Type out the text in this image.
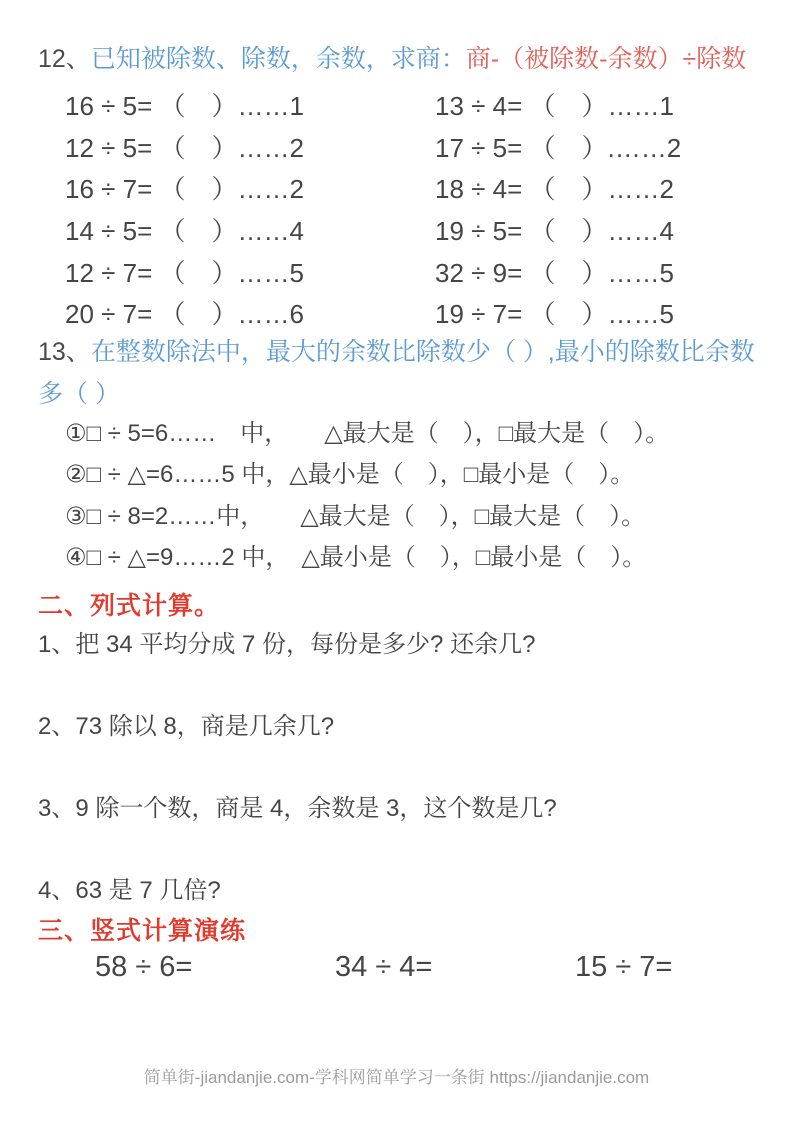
12、已知被除数、除数，余数，求商：商-（被除数-余数）÷除数
16 ÷ 5= （　）……1	13 ÷ 4= （　）……1
12 ÷ 5= （　）……2	17 ÷ 5= （　）.……2
16 ÷ 7= （　）……2	18 ÷ 4= （　）……2
14 ÷ 5= （　）……4	19 ÷ 5= （　）……4
12 ÷ 7= （　）……5	32 ÷ 9= （　）……5
20 ÷ 7= （　）……6	19 ÷ 7= （　）……5
13、在整数除法中，最大的余数比除数少（ ）,最小的除数比余数
多（ ）
①□ ÷ 5=6……　中，　　△最大是（　），□最大是（　）。
②□ ÷ △=6……5 中，△最小是（　），□最小是（　）。
③□ ÷ 8=2……中，　　△最大是（　），□最大是（　）。
④□ ÷ △=9……2 中，　△最小是（　），□最小是（　）。
二、列式计算。
1、把 34 平均分成 7 份，每份是多少? 还余几?
2、73 除以 8，商是几余几?
3、9 除一个数，商是 4，余数是 3，这个数是几?
4、63 是 7 几倍?
三、竖式计算演练
58 ÷ 6=	34 ÷ 4=	15 ÷ 7=
简单街-jiandanjie.com-学科网简单学习一条街 https://jiandanjie.com
